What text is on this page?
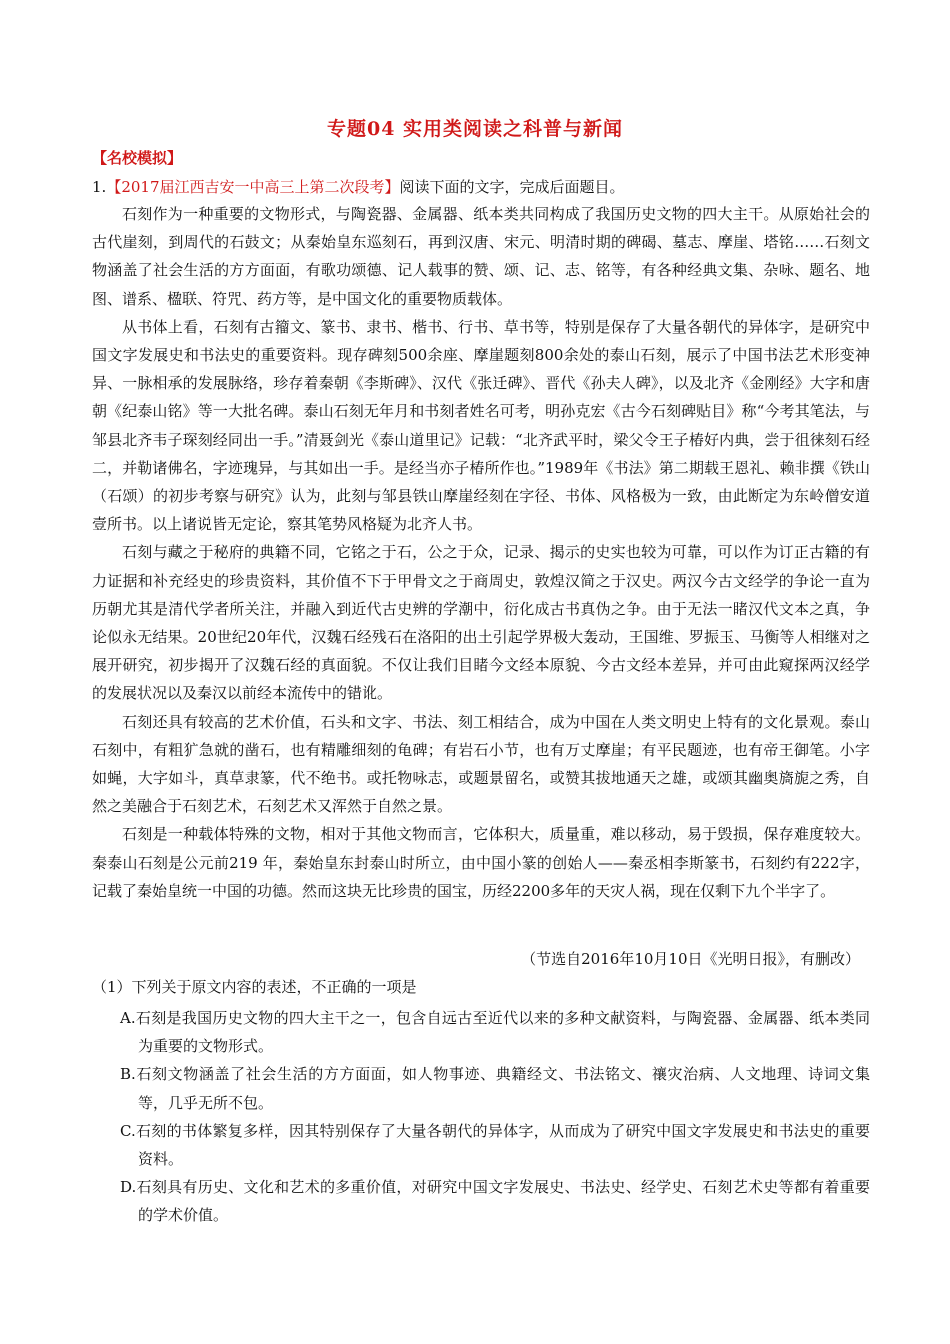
专题04 实用类阅读之科普与新闻
【名校模拟】
1.【2017届江西吉安一中高三上第二次段考】阅读下面的文字，完成后面题目。

石刻作为一种重要的文物形式，与陶瓷器、金属器、纸本类共同构成了我国历史文物的四大主干。从原始社会的古代崖刻，到周代的石鼓文；从秦始皇东巡刻石，再到汉唐、宋元、明清时期的碑碣、墓志、摩崖、塔铭……石刻文物涵盖了社会生活的方方面面，有歌功颂德、记人载事的赞、颂、记、志、铭等，有各种经典文集、杂咏、题名、地图、谱系、楹联、符咒、药方等，是中国文化的重要物质载体。

从书体上看，石刻有古籀文、篆书、隶书、楷书、行书、草书等，特别是保存了大量各朝代的异体字，是研究中国文字发展史和书法史的重要资料。现存碑刻500余座、摩崖题刻800余处的泰山石刻，展示了中国书法艺术形变神异、一脉相承的发展脉络，珍存着秦朝《李斯碑》、汉代《张迁碑》、晋代《孙夫人碑》，以及北齐《金刚经》大字和唐朝《纪泰山铭》等一大批名碑。泰山石刻无年月和书刻者姓名可考，明孙克宏《古今石刻碑贴目》称“今考其笔法，与邹县北齐韦子琛刻经同出一手。”清聂剑光《泰山道里记》记载：“北齐武平时，梁父令王子椿好内典，尝于徂徕刻石经二，并勒诸佛名，字迹瑰异，与其如出一手。是经当亦子椿所作也。”1989年《书法》第二期载王恩礼、赖非撰《铁山（石颂）的初步考察与研究》认为，此刻与邹县铁山摩崖经刻在字径、书体、风格极为一致，由此断定为东岭僧安道壹所书。以上诸说皆无定论，察其笔势风格疑为北齐人书。

石刻与藏之于秘府的典籍不同，它铭之于石，公之于众，记录、揭示的史实也较为可靠，可以作为订正古籍的有力证据和补充经史的珍贵资料，其价值不下于甲骨文之于商周史，敦煌汉简之于汉史。两汉今古文经学的争论一直为历朝尤其是清代学者所关注，并融入到近代古史辨的学潮中，衍化成古书真伪之争。由于无法一睹汉代文本之真，争论似永无结果。20世纪20年代，汉魏石经残石在洛阳的出土引起学界极大轰动，王国维、罗振玉、马衡等人相继对之展开研究，初步揭开了汉魏石经的真面貌。不仅让我们目睹今文经本原貌、今古文经本差异，并可由此窥探两汉经学的发展状况以及秦汉以前经本流传中的错讹。

石刻还具有较高的艺术价值，石头和文字、书法、刻工相结合，成为中国在人类文明史上特有的文化景观。泰山石刻中，有粗犷急就的凿石，也有精雕细刻的龟碑；有岩石小节，也有万丈摩崖；有平民题迹，也有帝王御笔。小字如蝇，大字如斗，真草隶篆，代不绝书。或托物咏志，或题景留名，或赞其拔地通天之雄，或颂其幽奥旖旎之秀，自然之美融合于石刻艺术，石刻艺术又浑然于自然之景。

石刻是一种载体特殊的文物，相对于其他文物而言，它体积大，质量重，难以移动，易于毁损，保存难度较大。秦泰山石刻是公元前219 年，秦始皇东封泰山时所立，由中国小篆的创始人——秦丞相李斯篆书，石刻约有222字，记载了秦始皇统一中国的功德。然而这块无比珍贵的国宝，历经2200多年的天灾人祸，现在仅剩下九个半字了。

（节选自2016年10月10日《光明日报》，有删改）
（1）下列关于原文内容的表述，不正确的一项是

A.石刻是我国历史文物的四大主干之一，包含自远古至近代以来的多种文献资料，与陶瓷器、金属器、纸本类同为重要的文物形式。

B.石刻文物涵盖了社会生活的方方面面，如人物事迹、典籍经文、书法铭文、禳灾治病、人文地理、诗词文集等，几乎无所不包。

C.石刻的书体繁复多样，因其特别保存了大量各朝代的异体字，从而成为了研究中国文字发展史和书法史的重要资料。

D.石刻具有历史、文化和艺术的多重价值，对研究中国文字发展史、书法史、经学史、石刻艺术史等都有着重要的学术价值。
